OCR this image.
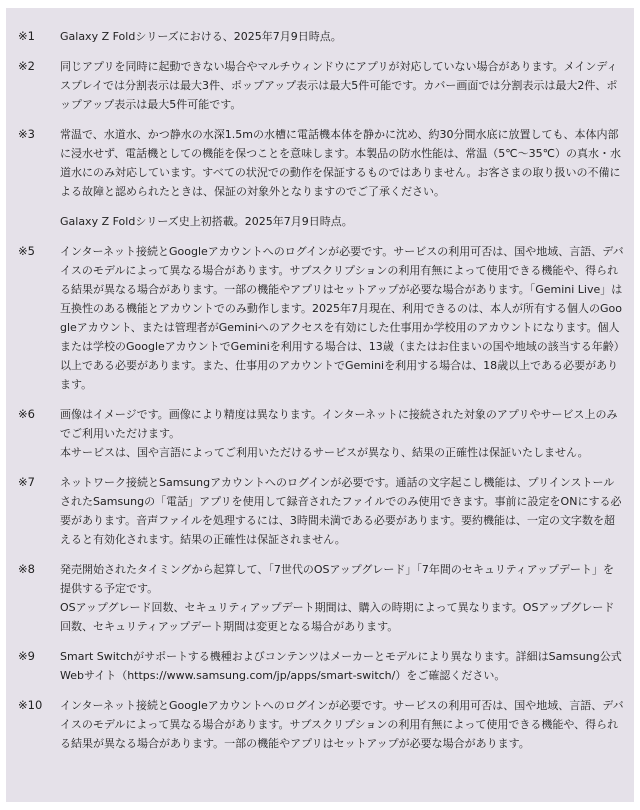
※1	Galaxy Z Foldシリーズにおける、2025年7月9日時点。
※2	同じアプリを同時に起動できない場合やマルチウィンドウにアプリが対応していない場合があります。メインディスプレイでは分割表示は最大3件、ポップアップ表示は最大5件可能です。カバー画面では分割表示は最大2件、ポップアップ表示は最大5件可能です。
※3	常温で、水道水、かつ静水の水深1.5mの水槽に電話機本体を静かに沈め、約30分間水底に放置しても、本体内部に浸水せず、電話機としての機能を保つことを意味します。本製品の防水性能は、常温（5℃～35℃）の真水・水道水にのみ対応しています。すべての状況での動作を保証するものではありません。お客さまの取り扱いの不備による故障と認められたときは、保証の対象外となりますのでご了承ください。
Galaxy Z Foldシリーズ史上初搭載。2025年7月9日時点。
※5	インターネット接続とGoogleアカウントへのログインが必要です。サービスの利用可否は、国や地域、言語、デバイスのモデルによって異なる場合があります。サブスクリプションの利用有無によって使用できる機能や、得られる結果が異なる場合があります。一部の機能やアプリはセットアップが必要な場合があります。「Gemini Live」は互換性のある機能とアカウントでのみ動作します。2025年7月現在、利用できるのは、本人が所有する個人のGoogleアカウント、または管理者がGeminiへのアクセスを有効にした仕事用か学校用のアカウントになります。個人または学校のGoogleアカウントでGeminiを利用する場合は、13歳（またはお住まいの国や地域の該当する年齢）以上である必要があります。また、仕事用のアカウントでGeminiを利用する場合は、18歳以上である必要があります。
※6	画像はイメージです。画像により精度は異なります。インターネットに接続された対象のアプリやサービス上のみでご利用いただけます。
本サービスは、国や言語によってご利用いただけるサービスが異なり、結果の正確性は保証いたしません。
※7	ネットワーク接続とSamsungアカウントへのログインが必要です。通話の文字起こし機能は、プリインストールされたSamsungの「電話」アプリを使用して録音されたファイルでのみ使用できます。事前に設定をONにする必要があります。音声ファイルを処理するには、3時間未満である必要があります。要約機能は、一定の文字数を超えると有効化されます。結果の正確性は保証されません。
※8	発売開始されたタイミングから起算して、「7世代のOSアップグレード」「7年間のセキュリティアップデート」を提供する予定です。
OSアップグレード回数、セキュリティアップデート期間は、購入の時期によって異なります。OSアップグレード回数、セキュリティアップデート期間は変更となる場合があります。
※9	Smart Switchがサポートする機種およびコンテンツはメーカーとモデルにより異なります。詳細はSamsung公式Webサイト（https://www.samsung.com/jp/apps/smart-switch/）をご確認ください。
※10	インターネット接続とGoogleアカウントへのログインが必要です。サービスの利用可否は、国や地域、言語、デバイスのモデルによって異なる場合があります。サブスクリプションの利用有無によって使用できる機能や、得られる結果が異なる場合があります。一部の機能やアプリはセットアップが必要な場合があります。
